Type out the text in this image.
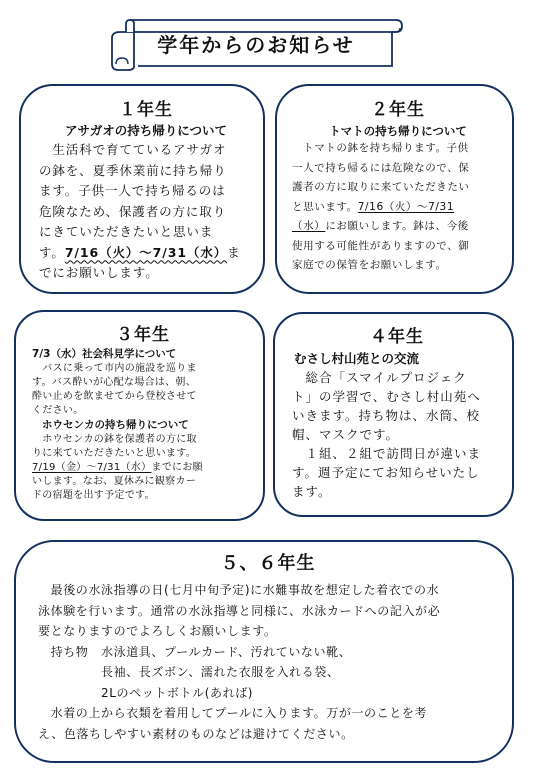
学年からのお知らせ
１年生
アサガオの持ち帰りについて

　生活科で育てているアサガオ

の鉢を、夏季休業前に持ち帰り

ます。子供一人で持ち帰るのは

危険なため、保護者の方に取り

にきていただきたいと思いま

す。7/16（火）～7/31（水）ま

でにお願いします。

２年生
トマトの持ち帰りについて

　トマトの鉢を持ち帰ります。子供

一人で持ち帰るには危険なので、保

護者の方に取りに来ていただきたい

と思います。7/16（火）～7/31

（水）にお願いします。鉢は、今後

使用する可能性がありますので、御

家庭での保管をお願いします。

３年生
7/3（水）社会科見学について

　バスに乗って市内の施設を巡りま

す。バス酔いが心配な場合は、朝、

酔い止めを飲ませてから登校させて

ください。

ホウセンカの持ち帰りについて

　ホウセンカの鉢を保護者の方に取

りに来ていただきたいと思います。

7/19（金）～7/31（水）までにお願

いします。なお、夏休みに観察カー

ドの宿題を出す予定です。

４年生
むさし村山苑との交流

　総合「スマイルプロジェク

ト」の学習で、むさし村山苑へ

いきます。持ち物は、水筒、校

帽、マスクです。

　１組、２組で訪問日が違いま

す。週予定にてお知らせいたし

ます。

５、６年生

　最後の水泳指導の日(七月中旬予定)に水難事故を想定した着衣での水

泳体験を行います。通常の水泳指導と同様に、水泳カードへの記入が必

要となりますのでよろしくお願いします。

　持ち物　水泳道具、プールカード、汚れていない靴、

　　　　　長袖、長ズボン、濡れた衣服を入れる袋、

　　　　　2Lのペットボトル(あれば)

　水着の上から衣類を着用してプールに入ります。万が一のことを考

え、色落ちしやすい素材のものなどは避けてください。
